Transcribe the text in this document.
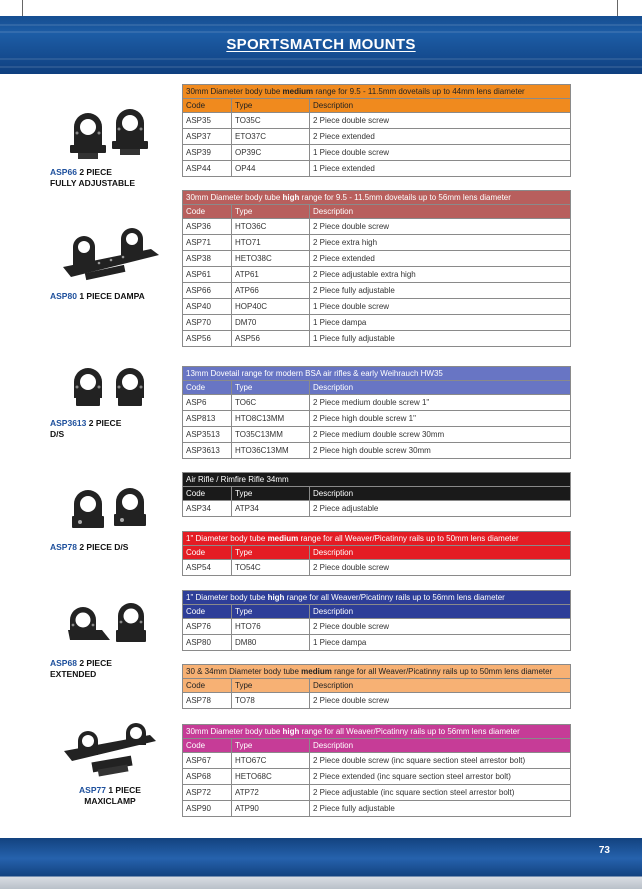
SPORTSMATCH MOUNTS
ASP66 2 PIECE
FULLY ADJUSTABLE
ASP80 1 PIECE DAMPA
ASP3613 2 PIECE
D/S
ASP78 2 PIECE D/S
ASP68 2 PIECE
EXTENDED
ASP77 1 PIECE
MAXICLAMP
30mm Diameter body tube medium range for 9.5 - 11.5mm dovetails up to 44mm lens diameter		
Code	Type	Description
ASP35	TO35C	2 Piece double screw
ASP37	ETO37C	2 Piece extended
ASP39	OP39C	1 Piece double screw
ASP44	OP44	1 Piece extended
30mm Diameter body tube high range for 9.5 - 11.5mm dovetails up to 56mm lens diameter		
Code	Type	Description
ASP36	HTO36C	2 Piece double screw
ASP71	HTO71	2 Piece extra high
ASP38	HETO38C	2 Piece extended
ASP61	ATP61	2 Piece adjustable extra high
ASP66	ATP66	2 Piece fully adjustable
ASP40	HOP40C	1 Piece double screw
ASP70	DM70	1 Piece dampa
ASP56	ASP56	1 Piece fully adjustable
13mm Dovetail range for modern BSA air rifles & early Weihrauch HW35		
Code	Type	Description
ASP6	TO6C	2 Piece medium double screw 1"
ASP813	HTO8C13MM	2 Piece high double screw 1"
ASP3513	TO35C13MM	2 Piece medium double screw 30mm
ASP3613	HTO36C13MM	2 Piece high double screw 30mm
Air Rifle / Rimfire Rifle 34mm		
Code	Type	Description
ASP34	ATP34	2 Piece adjustable
1" Diameter body tube medium range for all Weaver/Picatinny rails up to 50mm lens diameter		
Code	Type	Description
ASP54	TO54C	2 Piece double screw
1" Diameter body tube high range for all Weaver/Picatinny rails up to 56mm lens diameter		
Code	Type	Description
ASP76	HTO76	2 Piece double screw
ASP80	DM80	1 Piece dampa
30 & 34mm Diameter body tube medium range for all Weaver/Picatinny rails up to 50mm lens diameter		
Code	Type	Description
ASP78	TO78	2 Piece double screw
30mm Diameter body tube high range for all Weaver/Picatinny rails up to 56mm lens diameter		
Code	Type	Description
ASP67	HTO67C	2 Piece double screw (inc square section steel arrestor bolt)
ASP68	HETO68C	2 Piece extended (inc square section steel arrestor bolt)
ASP72	ATP72	2 Piece adjustable (inc square section steel arrestor bolt)
ASP90	ATP90	2 Piece fully adjustable
73
